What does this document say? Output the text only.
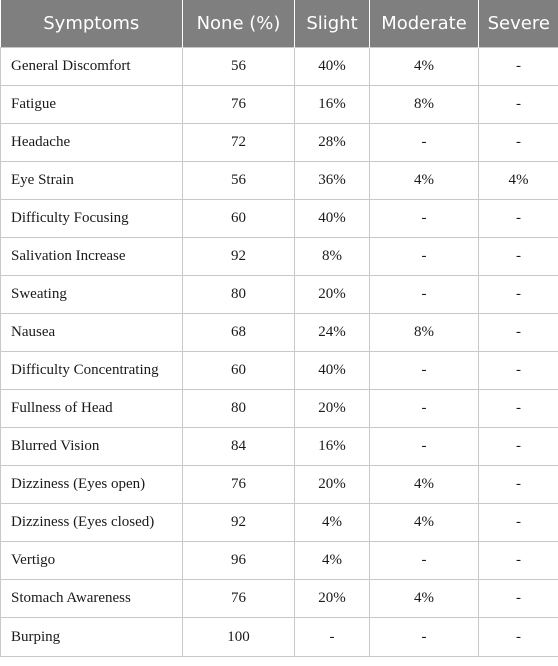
Symptoms	None (%)	Slight	Moderate	Severe
General Discomfort	56	40%	4%	-
Fatigue	76	16%	8%	-
Headache	72	28%	-	-
Eye Strain	56	36%	4%	4%
Difficulty Focusing	60	40%	-	-
Salivation Increase	92	8%	-	-
Sweating	80	20%	-	-
Nausea	68	24%	8%	-
Difficulty Concentrating	60	40%	-	-
Fullness of Head	80	20%	-	-
Blurred Vision	84	16%	-	-
Dizziness (Eyes open)	76	20%	4%	-
Dizziness (Eyes closed)	92	4%	4%	-
Vertigo	96	4%	-	-
Stomach Awareness	76	20%	4%	-
Burping	100	-	-	-
